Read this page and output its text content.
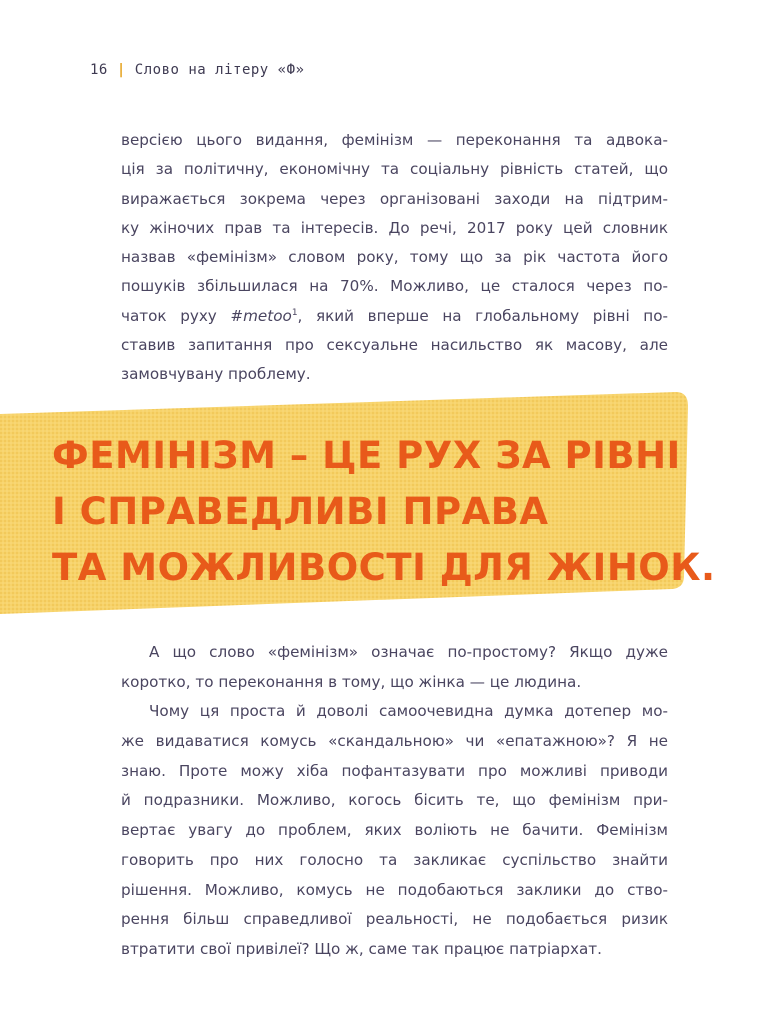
16 | Слово на літеру «Ф»
версією цього видання, фемінізм — переконання та адвока-
ція за політичну, економічну та соціальну рівність статей, що
виражається зокрема через організовані заходи на підтрим-
ку жіночих прав та інтересів. До речі, 2017 року цей словник
назвав «фемінізм» словом року, тому що за рік частота його
пошуків збільшилася на 70%. Можливо, це сталося через по-
чаток руху #metoo$^1$, який вперше на глобальному рівні по-
ставив запитання про сексуальне насильство як масову, але
замовчувану проблему.
ФЕМІНІЗМ – ЦЕ РУХ ЗА РІВНІ
І СПРАВЕДЛИВІ ПРАВА
ТА МОЖЛИВОСТІ ДЛЯ ЖІНОК.
А що слово «фемінізм» означає по-простому? Якщо дуже
коротко, то переконання в тому, що жінка — це людина.
Чому ця проста й доволі самоочевидна думка дотепер мо-
же видаватися комусь «скандальною» чи «епатажною»? Я не
знаю. Проте можу хіба пофантазувати про можливі приводи
й подразники. Можливо, когось бісить те, що фемінізм при-
вертає увагу до проблем, яких воліють не бачити. Фемінізм
говорить про них голосно та закликає суспільство знайти
рішення. Можливо, комусь не подобаються заклики до ство-
рення більш справедливої реальності, не подобається ризик
втратити свої привілеї? Що ж, саме так працює патріархат.
